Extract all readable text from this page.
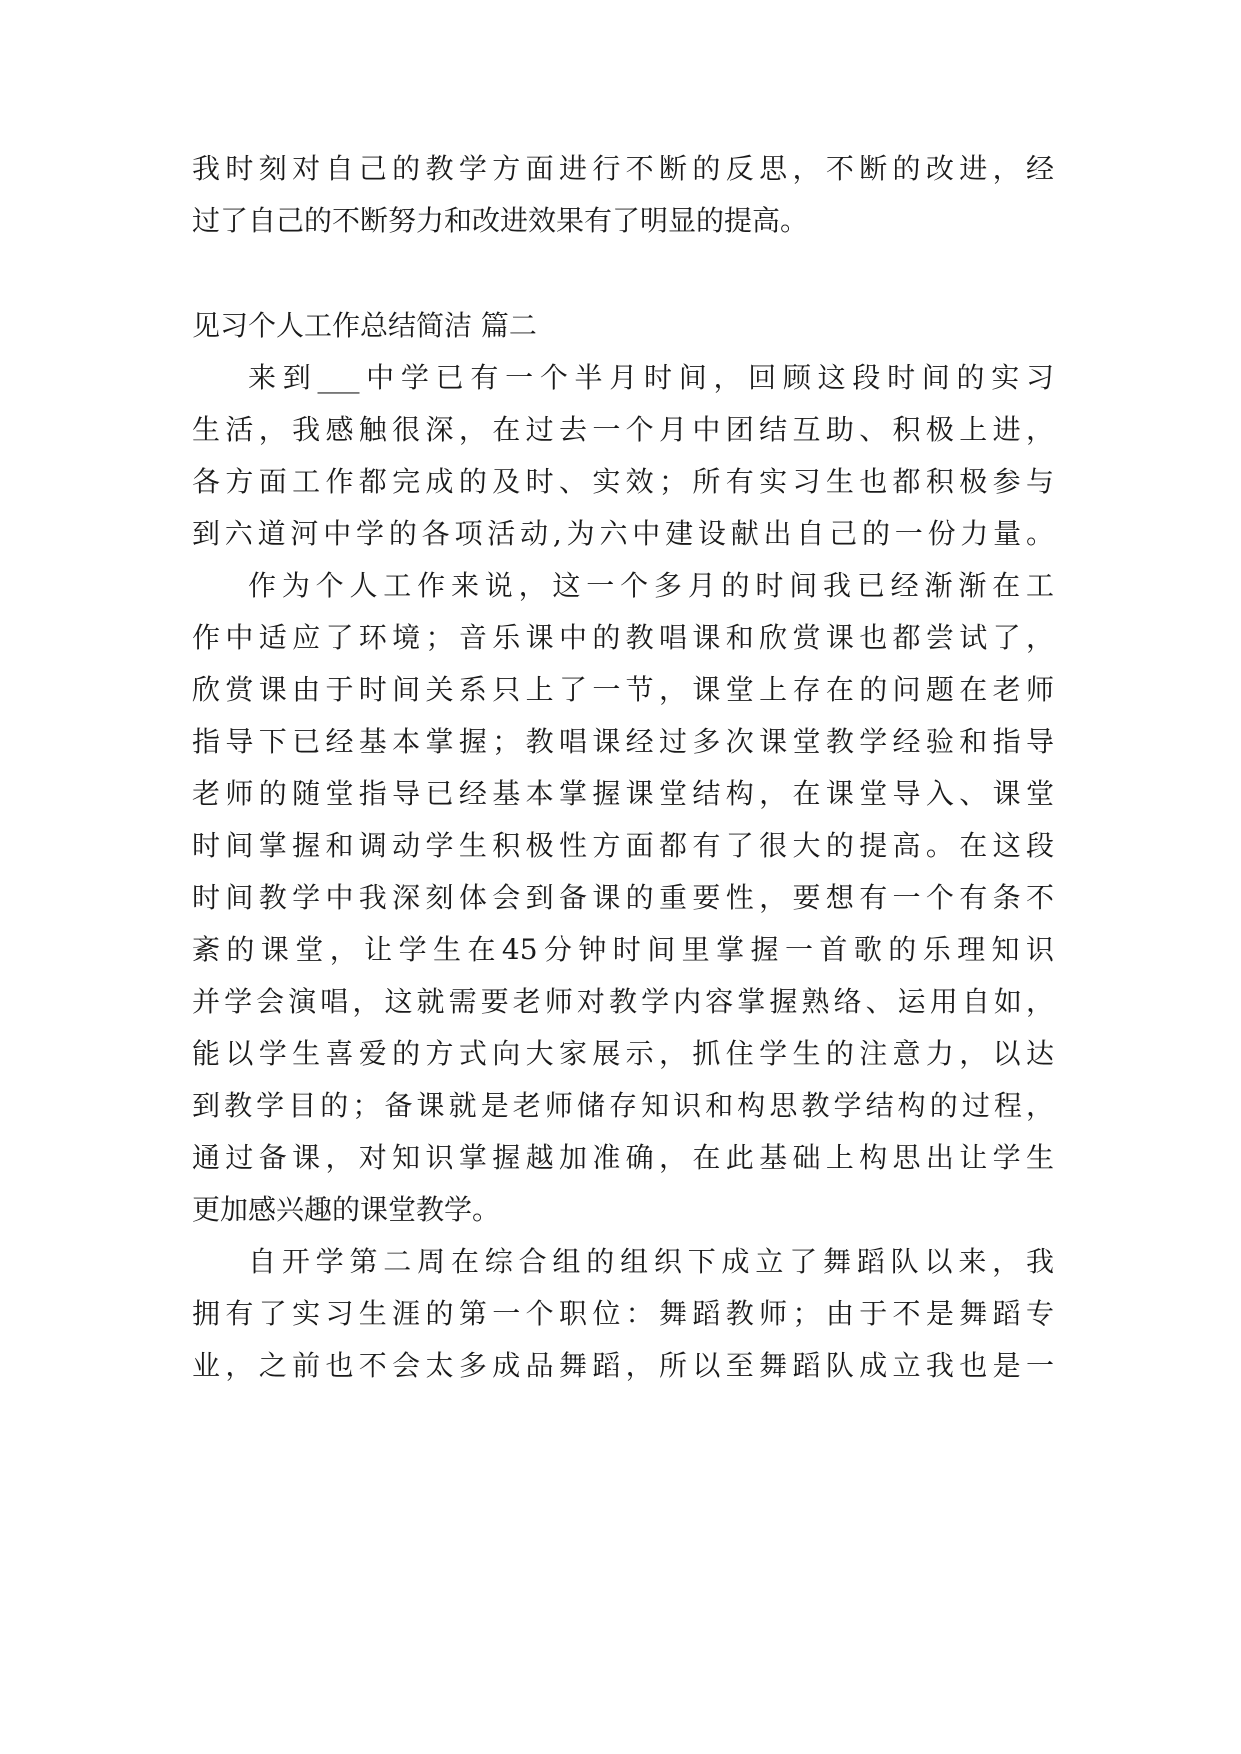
我时刻对自己的教学方面进行不断的反思，不断的改进，经

过了自己的不断努力和改进效果有了明显的提高。

见习个人工作总结简洁 篇二

来到___中学已有一个半月时间，回顾这段时间的实习

生活，我感触很深，在过去一个月中团结互助、积极上进，

各方面工作都完成的及时、实效；所有实习生也都积极参与

到六道河中学的各项活动,为六中建设献出自己的一份力量。

作为个人工作来说，这一个多月的时间我已经渐渐在工

作中适应了环境；音乐课中的教唱课和欣赏课也都尝试了，

欣赏课由于时间关系只上了一节，课堂上存在的问题在老师

指导下已经基本掌握；教唱课经过多次课堂教学经验和指导

老师的随堂指导已经基本掌握课堂结构，在课堂导入、课堂

时间掌握和调动学生积极性方面都有了很大的提高。在这段

时间教学中我深刻体会到备课的重要性，要想有一个有条不

紊的课堂，让学生在45分钟时间里掌握一首歌的乐理知识

并学会演唱，这就需要老师对教学内容掌握熟络、运用自如，

能以学生喜爱的方式向大家展示，抓住学生的注意力，以达

到教学目的；备课就是老师储存知识和构思教学结构的过程，

通过备课，对知识掌握越加准确，在此基础上构思出让学生

更加感兴趣的课堂教学。

自开学第二周在综合组的组织下成立了舞蹈队以来，我

拥有了实习生涯的第一个职位：舞蹈教师；由于不是舞蹈专

业，之前也不会太多成品舞蹈，所以至舞蹈队成立我也是一
